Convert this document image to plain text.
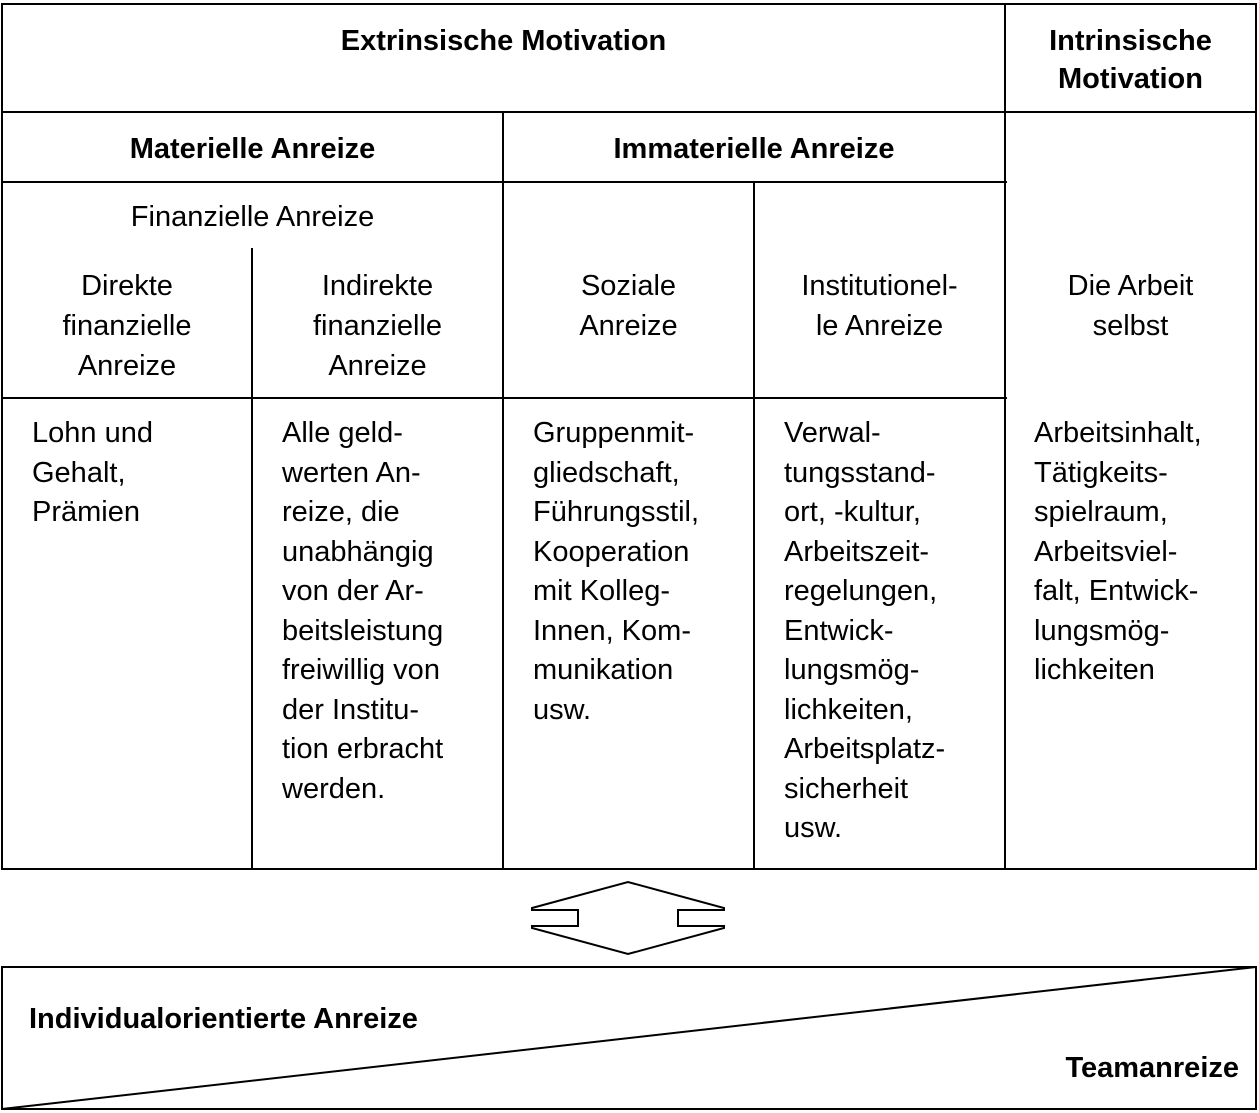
Extrinsische Motivation	Intrinsische
Motivation
Materielle Anreize	Immaterielle Anreize
Finanzielle Anreize
Direkte
finanzielle
Anreize
Indirekte
finanzielle
Anreize
Soziale
Anreize
Institutionel-
le Anreize
Die Arbeit
selbst
Lohn und
Gehalt,
Prämien
Alle geld-
werten An-
reize, die
unabhängig
von der Ar-
beitsleistung
freiwillig von
der Institu-
tion erbracht
werden.
Gruppenmit-
gliedschaft,
Führungsstil,
Kooperation
mit Kolleg-
Innen, Kom-
munikation
usw.
Verwal-
tungsstand-
ort, -kultur,
Arbeitszeit-
regelungen,
Entwick-
lungsmög-
lichkeiten,
Arbeitsplatz-
sicherheit
usw.
Arbeitsinhalt,
Tätigkeits-
spielraum,
Arbeitsviel-
falt, Entwick-
lungsmög-
lichkeiten
Individualorientierte Anreize
Teamanreize
